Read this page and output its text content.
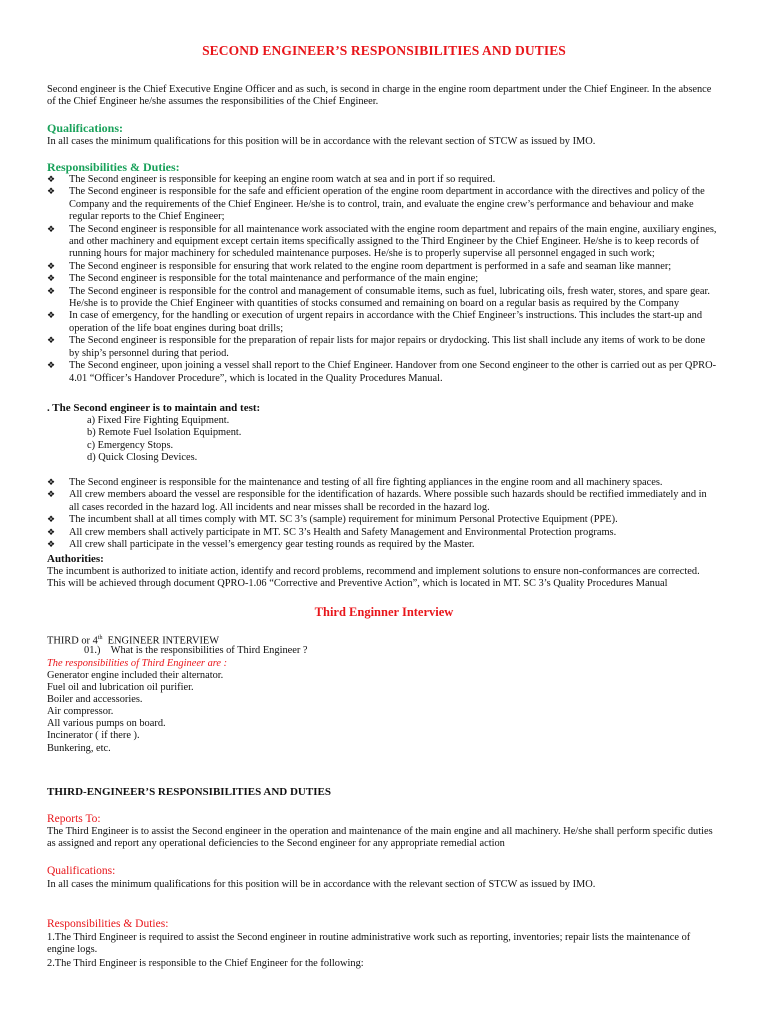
SECOND ENGINEER’S RESPONSIBILITIES AND DUTIES
Second engineer is the Chief Executive Engine Officer and as such, is second in charge in the engine room department under the Chief Engineer. In the absence of the Chief Engineer he/she assumes the responsibilities of the Chief Engineer.
Qualifications:
In all cases the minimum qualifications for this position will be in accordance with the relevant section of STCW as issued by IMO.
Responsibilities & Duties:
❖ The Second engineer is responsible for keeping an engine room watch at sea and in port if so required.
❖ The Second engineer is responsible for the safe and efficient operation of the engine room department in accordance with the directives and policy of the Company and the requirements of the Chief Engineer. He/she is to control, train, and evaluate the engine crew’s performance and behaviour and make regular reports to the Chief Engineer;
❖ The Second engineer is responsible for all maintenance work associated with the engine room department and repairs of the main engine, auxiliary engines, and other machinery and equipment except certain items specifically assigned to the Third Engineer by the Chief Engineer. He/she is to keep records of running hours for major machinery for scheduled maintenance purposes. He/she is to properly supervise all personnel engaged in such work;
❖ The Second engineer is responsible for ensuring that work related to the engine room department is performed in a safe and seaman like manner;
❖ The Second engineer is responsible for the total maintenance and performance of the main engine;
❖ The Second engineer is responsible for the control and management of consumable items, such as fuel, lubricating oils, fresh water, stores, and spare gear. He/she is to provide the Chief Engineer with quantities of stocks consumed and remaining on board on a regular basis as required by the Company
❖ In case of emergency, for the handling or execution of urgent repairs in accordance with the Chief Engineer’s instructions. This includes the start-up and operation of the life boat engines during boat drills;
❖ The Second engineer is responsible for the preparation of repair lists for major repairs or drydocking. This list shall include any items of work to be done by ship’s personnel during that period.
❖ The Second engineer, upon joining a vessel shall report to the Chief Engineer. Handover from one Second engineer to the other is carried out as per QPRO-4.01 “Officer’s Handover Procedure”, which is located in the Quality Procedures Manual.
. The Second engineer is to maintain and test:
a) Fixed Fire Fighting Equipment.
b) Remote Fuel Isolation Equipment.
c) Emergency Stops.
d) Quick Closing Devices.
❖ The Second engineer is responsible for the maintenance and testing of all fire fighting appliances in the engine room and all machinery spaces.
❖ All crew members aboard the vessel are responsible for the identification of hazards. Where possible such hazards should be rectified immediately and in all cases recorded in the hazard log. All incidents and near misses shall be recorded in the hazard log.
❖ The incumbent shall at all times comply with MT. SC 3’s (sample) requirement for minimum Personal Protective Equipment (PPE).
❖ All crew members shall actively participate in MT. SC 3’s Health and Safety Management and Environmental Protection programs.
❖ All crew shall participate in the vessel’s emergency gear testing rounds as required by the Master.
Authorities:
The incumbent is authorized to initiate action, identify and record problems, recommend and implement solutions to ensure non-conformances are corrected. This will be achieved through document QPRO-1.06 “Corrective and Preventive Action”, which is located in MT. SC 3’s Quality Procedures Manual
Third Enginner Interview
THIRD or 4th  ENGINEER INTERVIEW
01.)    What is the responsibilities of Third Engineer ?
The responsibilities of Third Engineer are :
Generator engine included their alternator.
Fuel oil and lubrication oil purifier.
Boiler and accessories.
Air compressor.
All various pumps on board.
Incinerator ( if there ).
Bunkering, etc.
THIRD-ENGINEER’S RESPONSIBILITIES AND DUTIES
Reports To:
The Third Engineer is to assist the Second engineer in the operation and maintenance of the main engine and all machinery. He/she shall perform specific duties as assigned and report any operational deficiencies to the Second engineer for any appropriate remedial action
Qualifications:
In all cases the minimum qualifications for this position will be in accordance with the relevant section of STCW as issued by IMO.
Responsibilities & Duties:
1.The Third Engineer is required to assist the Second engineer in routine administrative work such as reporting, inventories; repair lists the maintenance of engine logs.
2.The Third Engineer is responsible to the Chief Engineer for the following:
